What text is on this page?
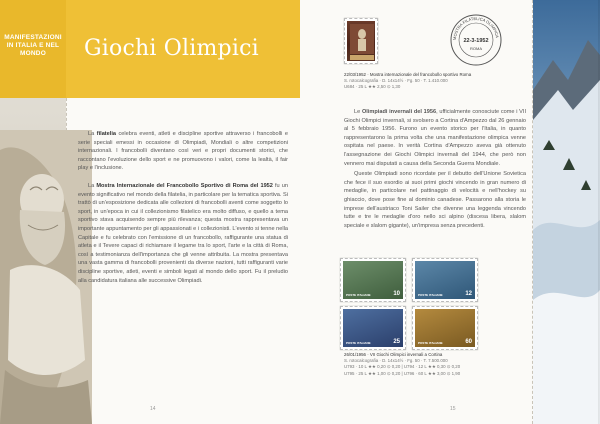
MANIFESTAZIONI IN ITALIA E NEL MONDO	Giochi Olimpici

La filatelia celebra eventi, atleti e discipline sportive attraverso i francobolli e serie speciali emessi in occasione di Olimpiadi, Mondiali o altre competizioni internazionali. I francobolli diventano così veri e propri documenti storici, che raccontano l'evoluzione dello sport e ne promuovono i valori, come la lealtà, il fair play e l'inclusione.

La Mostra Internazionale del Francobollo Sportivo di Roma del 1952 fu un evento significativo nel mondo della filatelia, in particolare per la tematica sportiva. Si trattò di un'esposizione dedicata alle collezioni di francobolli aventi come soggetto lo sport, in un'epoca in cui il collezionismo filatelico era molto diffuso, e quello a tema sportivo stava acquisendo sempre più rilevanza; questa mostra rappresentava un importante appuntamento per gli appassionati e i collezionisti. L'evento si tenne nella Capitale e fu celebrato con l'emissione di un francobollo, raffigurante una statua di atleta e il Tevere capaci di richiamare il legame tra lo sport, l'arte e la città di Roma, così a testimonianza dell'importanza che gli venne attribuita. La mostra presentava una vasta gamma di francobolli provenienti da diverse nazioni, tutti raffiguranti varie discipline sportive, atleti, eventi e simboli legati al mondo dello sport. Fu il preludio alla candidatura italiana alle successive Olimpiadi.

14
MOSTRA FILATELICA OLIMPICA
22-3-1952
ROMA
22/03/1952 · Mostra internazionale del francobollo sportivo Roma
S. rotocalcografia · D. 14x14½ · Fg. 50 · T. 1.410.000
U684 · 25 L ★★ 2,50 ⊙ 1,30

Le Olimpiadi invernali del 1956, ufficialmente conosciute come i VII Giochi Olimpici invernali, si svolsero a Cortina d'Ampezzo dal 26 gennaio al 5 febbraio 1956. Furono un evento storico per l'Italia, in quanto rappresentarono la prima volta che una manifestazione olimpica venne ospitata nel paese. In verità Cortina d'Ampezzo aveva già ottenuto l'assegnazione dei Giochi Olimpici invernali del 1944, che però non vennero mai disputati a causa della Seconda Guerra Mondiale.

Queste Olimpiadi sono ricordate per il debutto dell'Unione Sovietica che fece il suo esordio ai suoi primi giochi vincendo in gran numero di medaglie, in particolare nel pattinaggio di velocità e nell'hockey su ghiaccio, dove pose fine al dominio canadese. Passarono alla storia le imprese dell'austriaco Toni Sailer che divenne una leggenda vincendo tutte e tre le medaglie d'oro nello sci alpino (discesa libera, slalom speciale e slalom gigante), un'impresa senza precedenti.

POSTE ITALIANE	10	POSTE ITALIANE	12
POSTE ITALIANE	25	POSTE ITALIANE	60
26/01/1956 · VII Giochi Olimpici invernali a Cortina
S. rotocalcografia · D. 14x14½ · Fg. 50 · T. 7.500.000
U793 · 10 L ★★ 0,20 ⊙ 0,20 | U794 · 12 L ★★ 0,30 ⊙ 0,20
U795 · 25 L ★★ 1,00 ⊙ 0,20 | U796 · 60 L ★★ 3,00 ⊙ 1,90
15
